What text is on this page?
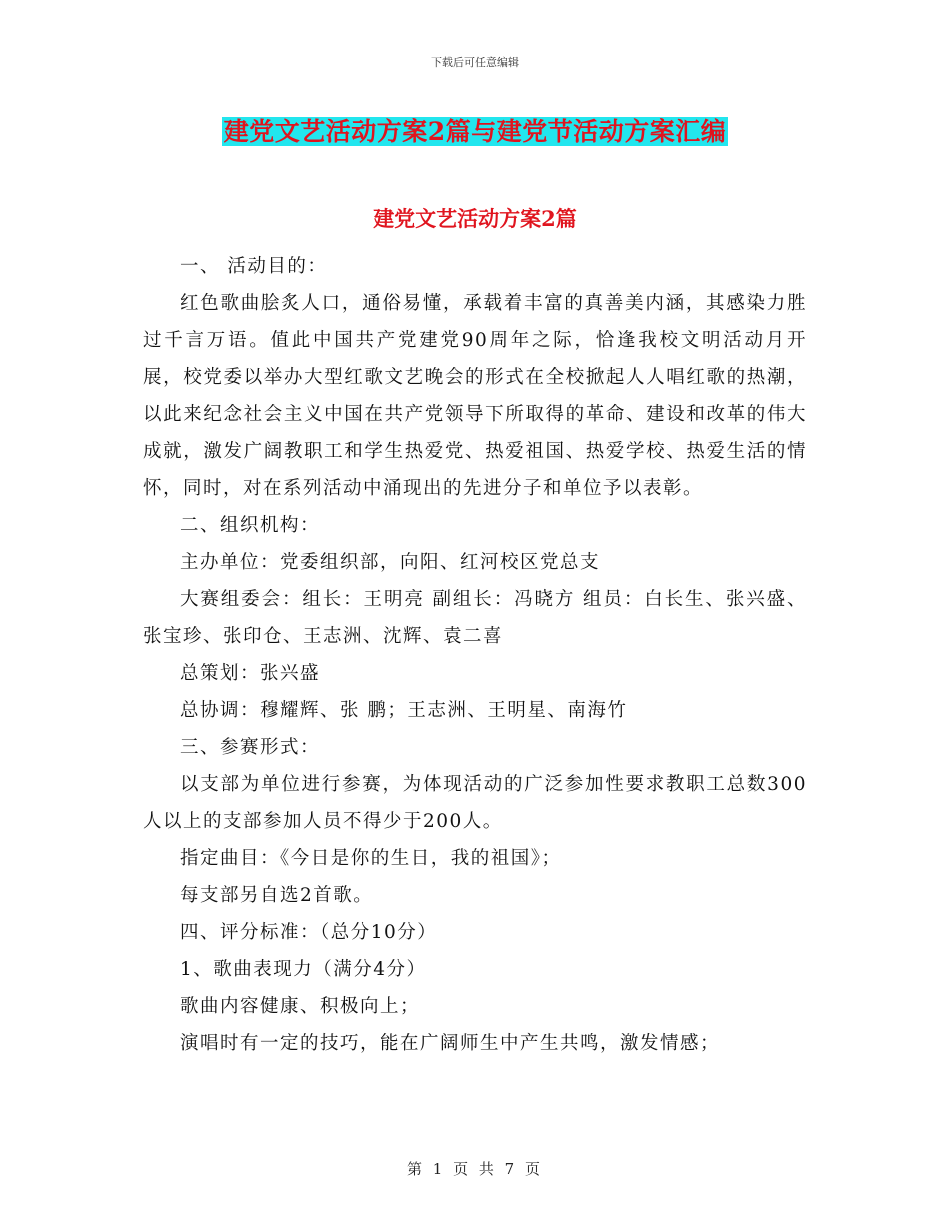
下载后可任意编辑
建党文艺活动方案2篇与建党节活动方案汇编
建党文艺活动方案2篇

一、 活动目的：

红色歌曲脍炙人口，通俗易懂，承载着丰富的真善美内涵，其感染力胜过千言万语。值此中国共产党建党90周年之际，恰逢我校文明活动月开展，校党委以举办大型红歌文艺晚会的形式在全校掀起人人唱红歌的热潮，以此来纪念社会主义中国在共产党领导下所取得的革命、建设和改革的伟大成就，激发广阔教职工和学生热爱党、热爱祖国、热爱学校、热爱生活的情怀，同时，对在系列活动中涌现出的先进分子和单位予以表彰。

二、组织机构：

主办单位：党委组织部，向阳、红河校区党总支

大赛组委会：组长：王明亮 副组长：冯晓方 组员：白长生、张兴盛、张宝珍、张印仓、王志洲、沈辉、袁二喜

总策划：张兴盛

总协调：穆耀辉、张 鹏；王志洲、王明星、南海竹

三、参赛形式：

以支部为单位进行参赛，为体现活动的广泛参加性要求教职工总数300人以上的支部参加人员不得少于200人。

指定曲目：《今日是你的生日，我的祖国》；

每支部另自选2首歌。

四、评分标准：（总分10分）

1、歌曲表现力（满分4分）

歌曲内容健康、积极向上；

演唱时有一定的技巧，能在广阔师生中产生共鸣，激发情感；

第 1 页 共 7 页
